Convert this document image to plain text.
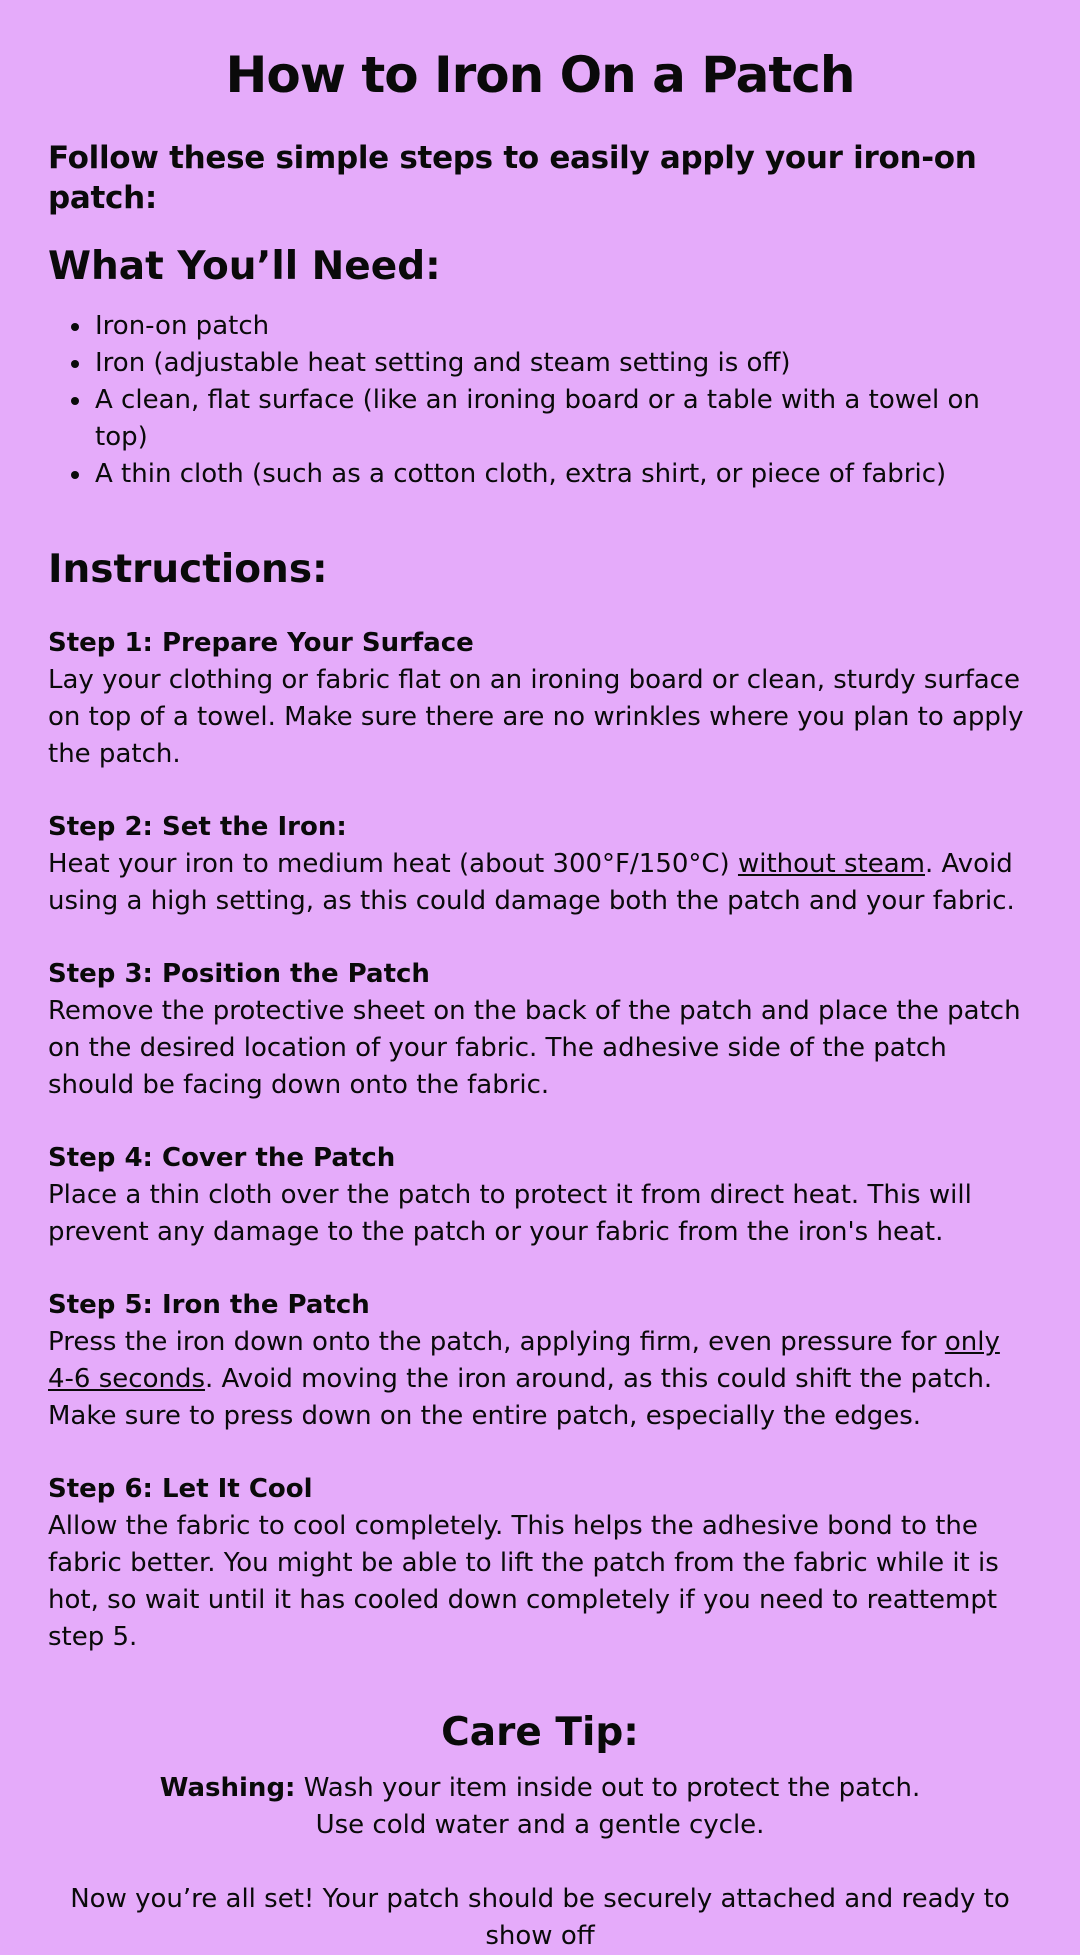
How to Iron On a Patch

Follow these simple steps to easily apply your iron-on patch:

What You’ll Need:
• Iron-on patch
• Iron (adjustable heat setting and steam setting is off)
• A clean, flat surface (like an ironing board or a table with a towel on top)
• A thin cloth (such as a cotton cloth, extra shirt, or piece of fabric)
Instructions:
Step 1: Prepare Your Surface
Lay your clothing or fabric flat on an ironing board or clean, sturdy surface on top of a towel. Make sure there are no wrinkles where you plan to apply the patch.
Step 2: Set the Iron:
Heat your iron to medium heat (about 300°F/150°C) without steam. Avoid using a high setting, as this could damage both the patch and your fabric.
Step 3: Position the Patch
Remove the protective sheet on the back of the patch and place the patch on the desired location of your fabric. The adhesive side of the patch should be facing down onto the fabric.
Step 4: Cover the Patch
Place a thin cloth over the patch to protect it from direct heat. This will prevent any damage to the patch or your fabric from the iron's heat.
Step 5: Iron the Patch
Press the iron down onto the patch, applying firm, even pressure for only 4-6 seconds. Avoid moving the iron around, as this could shift the patch. Make sure to press down on the entire patch, especially the edges.
Step 6: Let It Cool
Allow the fabric to cool completely. This helps the adhesive bond to the fabric better. You might be able to lift the patch from the fabric while it is hot, so wait until it has cooled down completely if you need to reattempt step 5.
Care Tip:
Washing: Wash your item inside out to protect the patch.
Use cold water and a gentle cycle.
Now you’re all set! Your patch should be securely attached and ready to show off
